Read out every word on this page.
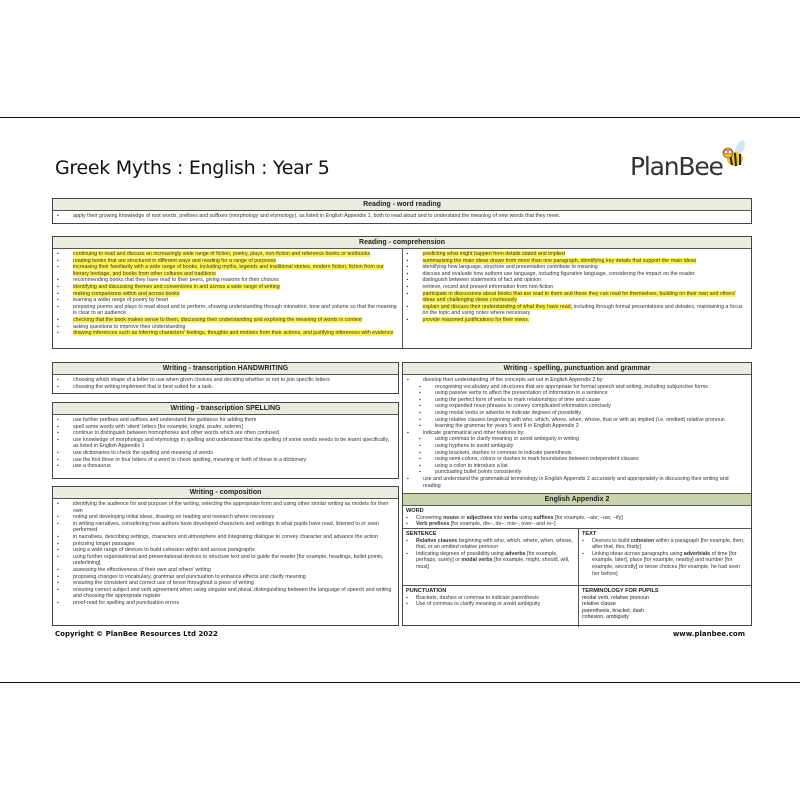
Greek Myths : English : Year 5	PlanBee
Reading - word reading
▪ apply their growing knowledge of root words, prefixes and suffixes (morphology and etymology), as listed in English Appendix 1, both to read aloud and to understand the meaning of new words that they meet.
Reading - comprehension
▪ continuing to read and discuss an increasingly wide range of fiction, poetry, plays, non-fiction and reference books or textbooks
▪ reading books that are structured in different ways and reading for a range of purposes
▪ increasing their familiarity with a wide range of books, including myths, legends and traditional stories, modern fiction, fiction from our literary heritage, and books from other cultures and traditions
▪ recommending books that they have read to their peers, giving reasons for their choices
▪ identifying and discussing themes and conventions in and across a wide range of writing
▪ making comparisons within and across books
▪ learning a wider range of poetry by heart
▪ preparing poems and plays to read aloud and to perform, showing understanding through intonation, tone and volume so that the meaning is clear to an audience
▪ checking that the book makes sense to them, discussing their understanding and exploring the meaning of words in context
▪ asking questions to improve their understanding
▪ drawing inferences such as inferring characters' feelings, thoughts and motives from their actions, and justifying inferences with evidence
▪ predicting what might happen from details stated and implied
▪ summarising the main ideas drawn from more than one paragraph, identifying key details that support the main ideas
▪ identifying how language, structure and presentation contribute to meaning
▪ discuss and evaluate how authors use language, including figurative language, considering the impact on the reader
▪ distinguish between statements of fact and opinion
▪ retrieve, record and present information from non-fiction
▪ participate in discussions about books that are read to them and those they can read for themselves, building on their own and others' ideas and challenging views courteously
▪ explain and discuss their understanding of what they have read, including through formal presentations and debates, maintaining a focus on the topic and using notes where necessary
▪ provide reasoned justifications for their views.
Writing - transcription HANDWRITING
▪ choosing which shape of a letter to use when given choices and deciding whether or not to join specific letters
▪ choosing the writing implement that is best suited for a task.
Writing - transcription SPELLING
▪ use further prefixes and suffixes and understand the guidance for adding them
▪ spell some words with 'silent' letters [for example, knight, psalm, solemn]
▪ continue to distinguish between homophones and other words which are often confused
▪ use knowledge of morphology and etymology in spelling and understand that the spelling of some words needs to be learnt specifically, as listed in English Appendix 1
▪ use dictionaries to check the spelling and meaning of words
▪ use the first three or four letters of a word to check spelling, meaning or both of these in a dictionary
▪ use a thesaurus
Writing - composition
▪ identifying the audience for and purpose of the writing, selecting the appropriate form and using other similar writing as models for their own
▪ noting and developing initial ideas, drawing on reading and research where necessary
▪ in writing narratives, considering how authors have developed characters and settings in what pupils have read, listened to or seen performed
▪ in narratives, describing settings, characters and atmosphere and integrating dialogue to convey character and advance the action
▪ précising longer passages
▪ using a wide range of devices to build cohesion within and across paragraphs
▪ using further organisational and presentational devices to structure text and to guide the reader [for example, headings, bullet points, underlining]
▪ assessing the effectiveness of their own and others' writing
▪ proposing changes to vocabulary, grammar and punctuation to enhance effects and clarify meaning
▪ ensuring the consistent and correct use of tense throughout a piece of writing
▪ ensuring correct subject and verb agreement when using singular and plural, distinguishing between the language of speech and writing and choosing the appropriate register
▪ proof-read for spelling and punctuation errors
Writing - spelling, punctuation and grammar
▪ develop their understanding of the concepts set out in English Appendix 2 by:
▪ recognising vocabulary and structures that are appropriate for formal speech and writing, including subjunctive forms
▪ using passive verbs to affect the presentation of information in a sentence
▪ using the perfect form of verbs to mark relationships of time and cause
▪ using expanded noun phrases to convey complicated information concisely
▪ using modal verbs or adverbs to indicate degrees of possibility
▪ using relative clauses beginning with who, which, where, when, whose, that or with an implied (i.e. omitted) relative pronoun
▪ learning the grammar for years 5 and 6 in English Appendix 2
▪ indicate grammatical and other features by:
▪ using commas to clarify meaning or avoid ambiguity in writing
▪ using hyphens to avoid ambiguity
▪ using brackets, dashes or commas to indicate parenthesis
▪ using semi-colons, colons or dashes to mark boundaries between independent clauses
▪ using a colon to introduce a list
▪ punctuating bullet points consistently
▪ use and understand the grammatical terminology in English Appendix 2 accurately and appropriately in discussing their writing and reading
English Appendix 2
WORD
▪ Converting nouns or adjectives into verbs using suffixes [for example, –ate; –ise; –ify]
▪ Verb prefixes [for example, dis–, de–, mis–, over– and re–]
SENTENCE
▪ Relative clauses beginning with who, which, where, when, whose, that, or an omitted relative pronoun
▪ Indicating degrees of possibility using adverbs [for example, perhaps, surely] or modal verbs [for example, might, should, will, must]
TEXT
▪ Devices to build cohesion within a paragraph [for example, then, after that, this, firstly]
▪ Linking ideas across paragraphs using adverbials of time [for example, later], place [for example, nearby] and number [for example, secondly] or tense choices [for example, he had seen her before]
PUNCTUATION
▪ Brackets, dashes or commas to indicate parenthesis
▪ Use of commas to clarify meaning or avoid ambiguity
TERMINOLOGY FOR PUPILS
modal verb, relative pronoun
relative clause
parenthesis, bracket, dash
cohesion, ambiguity
Copyright © PlanBee Resources Ltd 2022	www.planbee.com
